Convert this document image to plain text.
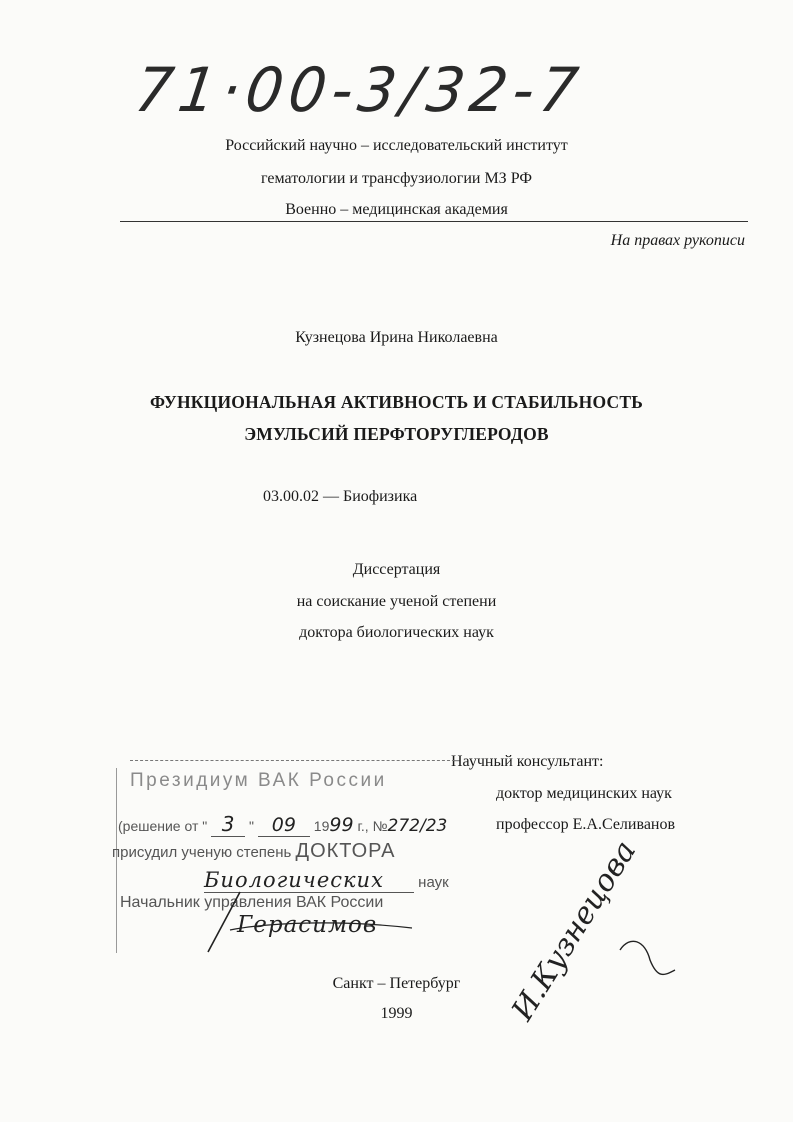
71·00-3/32-7
Российский научно – исследовательский институт
гематологии и трансфузиологии МЗ РФ
Военно – медицинская академия
На правах рукописи
Кузнецова Ирина Николаевна
ФУНКЦИОНАЛЬНАЯ АКТИВНОСТЬ И СТАБИЛЬНОСТЬ
ЭМУЛЬСИЙ ПЕРФТОРУГЛЕРОДОВ
03.00.02 — Биофизика
Диссертация
на соискание ученой степени
доктора биологических наук
Научный консультант:
доктор медицинских наук
профессор Е.А.Селиванов
Президиум ВАК России
(решение от " 3 " 09 1999 г., №272/23
присудил ученую степень ДОКТОРА
Биологических наук
Начальник управления ВАК России
Герасимов
Санкт – Петербург
1999	И.Кузнецова
